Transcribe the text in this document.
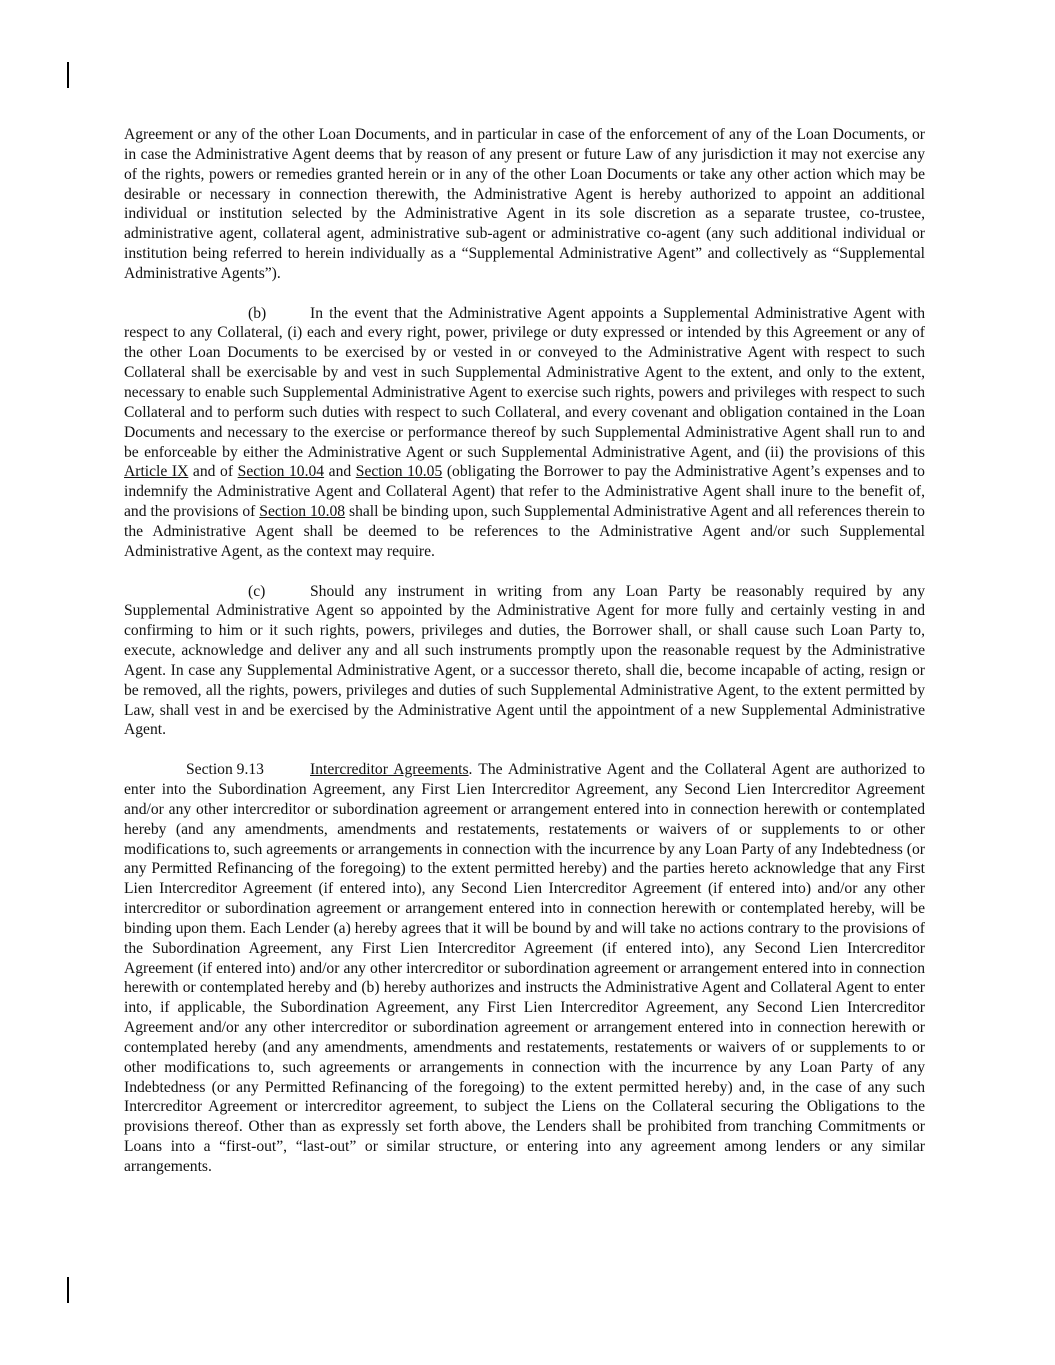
Agreement or any of the other Loan Documents, and in particular in case of the enforcement of any of the Loan Documents, or in case the Administrative Agent deems that by reason of any present or future Law of any jurisdiction it may not exercise any of the rights, powers or remedies granted herein or in any of the other Loan Documents or take any other action which may be desirable or necessary in connection therewith, the Administrative Agent is hereby authorized to appoint an additional individual or institution selected by the Administrative Agent in its sole discretion as a separate trustee, co-trustee, administrative agent, collateral agent, administrative sub-agent or administrative co-agent (any such additional individual or institution being referred to herein individually as a “Supplemental Administrative Agent” and collectively as “Supplemental Administrative Agents”).

(b)	In the event that the Administrative Agent appoints a Supplemental Administrative Agent with respect to any Collateral, (i) each and every right, power, privilege or duty expressed or intended by this Agreement or any of the other Loan Documents to be exercised by or vested in or conveyed to the Administrative Agent with respect to such Collateral shall be exercisable by and vest in such Supplemental Administrative Agent to the extent, and only to the extent, necessary to enable such Supplemental Administrative Agent to exercise such rights, powers and privileges with respect to such Collateral and to perform such duties with respect to such Collateral, and every covenant and obligation contained in the Loan Documents and necessary to the exercise or performance thereof by such Supplemental Administrative Agent shall run to and be enforceable by either the Administrative Agent or such Supplemental Administrative Agent, and (ii) the provisions of this Article IX and of Section 10.04 and Section 10.05 (obligating the Borrower to pay the Administrative Agent’s expenses and to indemnify the Administrative Agent and Collateral Agent) that refer to the Administrative Agent shall inure to the benefit of, and the provisions of Section 10.08 shall be binding upon, such Supplemental Administrative Agent and all references therein to the Administrative Agent shall be deemed to be references to the Administrative Agent and/or such Supplemental Administrative Agent, as the context may require.

(c)	Should any instrument in writing from any Loan Party be reasonably required by any Supplemental Administrative Agent so appointed by the Administrative Agent for more fully and certainly vesting in and confirming to him or it such rights, powers, privileges and duties, the Borrower shall, or shall cause such Loan Party to, execute, acknowledge and deliver any and all such instruments promptly upon the reasonable request by the Administrative Agent. In case any Supplemental Administrative Agent, or a successor thereto, shall die, become incapable of acting, resign or be removed, all the rights, powers, privileges and duties of such Supplemental Administrative Agent, to the extent permitted by Law, shall vest in and be exercised by the Administrative Agent until the appointment of a new Supplemental Administrative Agent.

Section 9.13	Intercreditor Agreements. The Administrative Agent and the Collateral Agent are authorized to enter into the Subordination Agreement, any First Lien Intercreditor Agreement, any Second Lien Intercreditor Agreement and/or any other intercreditor or subordination agreement or arrangement entered into in connection herewith or contemplated hereby (and any amendments, amendments and restatements, restatements or waivers of or supplements to or other modifications to, such agreements or arrangements in connection with the incurrence by any Loan Party of any Indebtedness (or any Permitted Refinancing of the foregoing) to the extent permitted hereby) and the parties hereto acknowledge that any First Lien Intercreditor Agreement (if entered into), any Second Lien Intercreditor Agreement (if entered into) and/or any other intercreditor or subordination agreement or arrangement entered into in connection herewith or contemplated hereby, will be binding upon them. Each Lender (a) hereby agrees that it will be bound by and will take no actions contrary to the provisions of the Subordination Agreement, any First Lien Intercreditor Agreement (if entered into), any Second Lien Intercreditor Agreement (if entered into) and/or any other intercreditor or subordination agreement or arrangement entered into in connection herewith or contemplated hereby and (b) hereby authorizes and instructs the Administrative Agent and Collateral Agent to enter into, if applicable, the Subordination Agreement, any First Lien Intercreditor Agreement, any Second Lien Intercreditor Agreement and/or any other intercreditor or subordination agreement or arrangement entered into in connection herewith or contemplated hereby (and any amendments, amendments and restatements, restatements or waivers of or supplements to or other modifications to, such agreements or arrangements in connection with the incurrence by any Loan Party of any Indebtedness (or any Permitted Refinancing of the foregoing) to the extent permitted hereby) and, in the case of any such Intercreditor Agreement or intercreditor agreement, to subject the Liens on the Collateral securing the Obligations to the provisions thereof. Other than as expressly set forth above, the Lenders shall be prohibited from tranching Commitments or Loans into a “first-out”, “last-out” or similar structure, or entering into any agreement among lenders or any similar arrangements.
